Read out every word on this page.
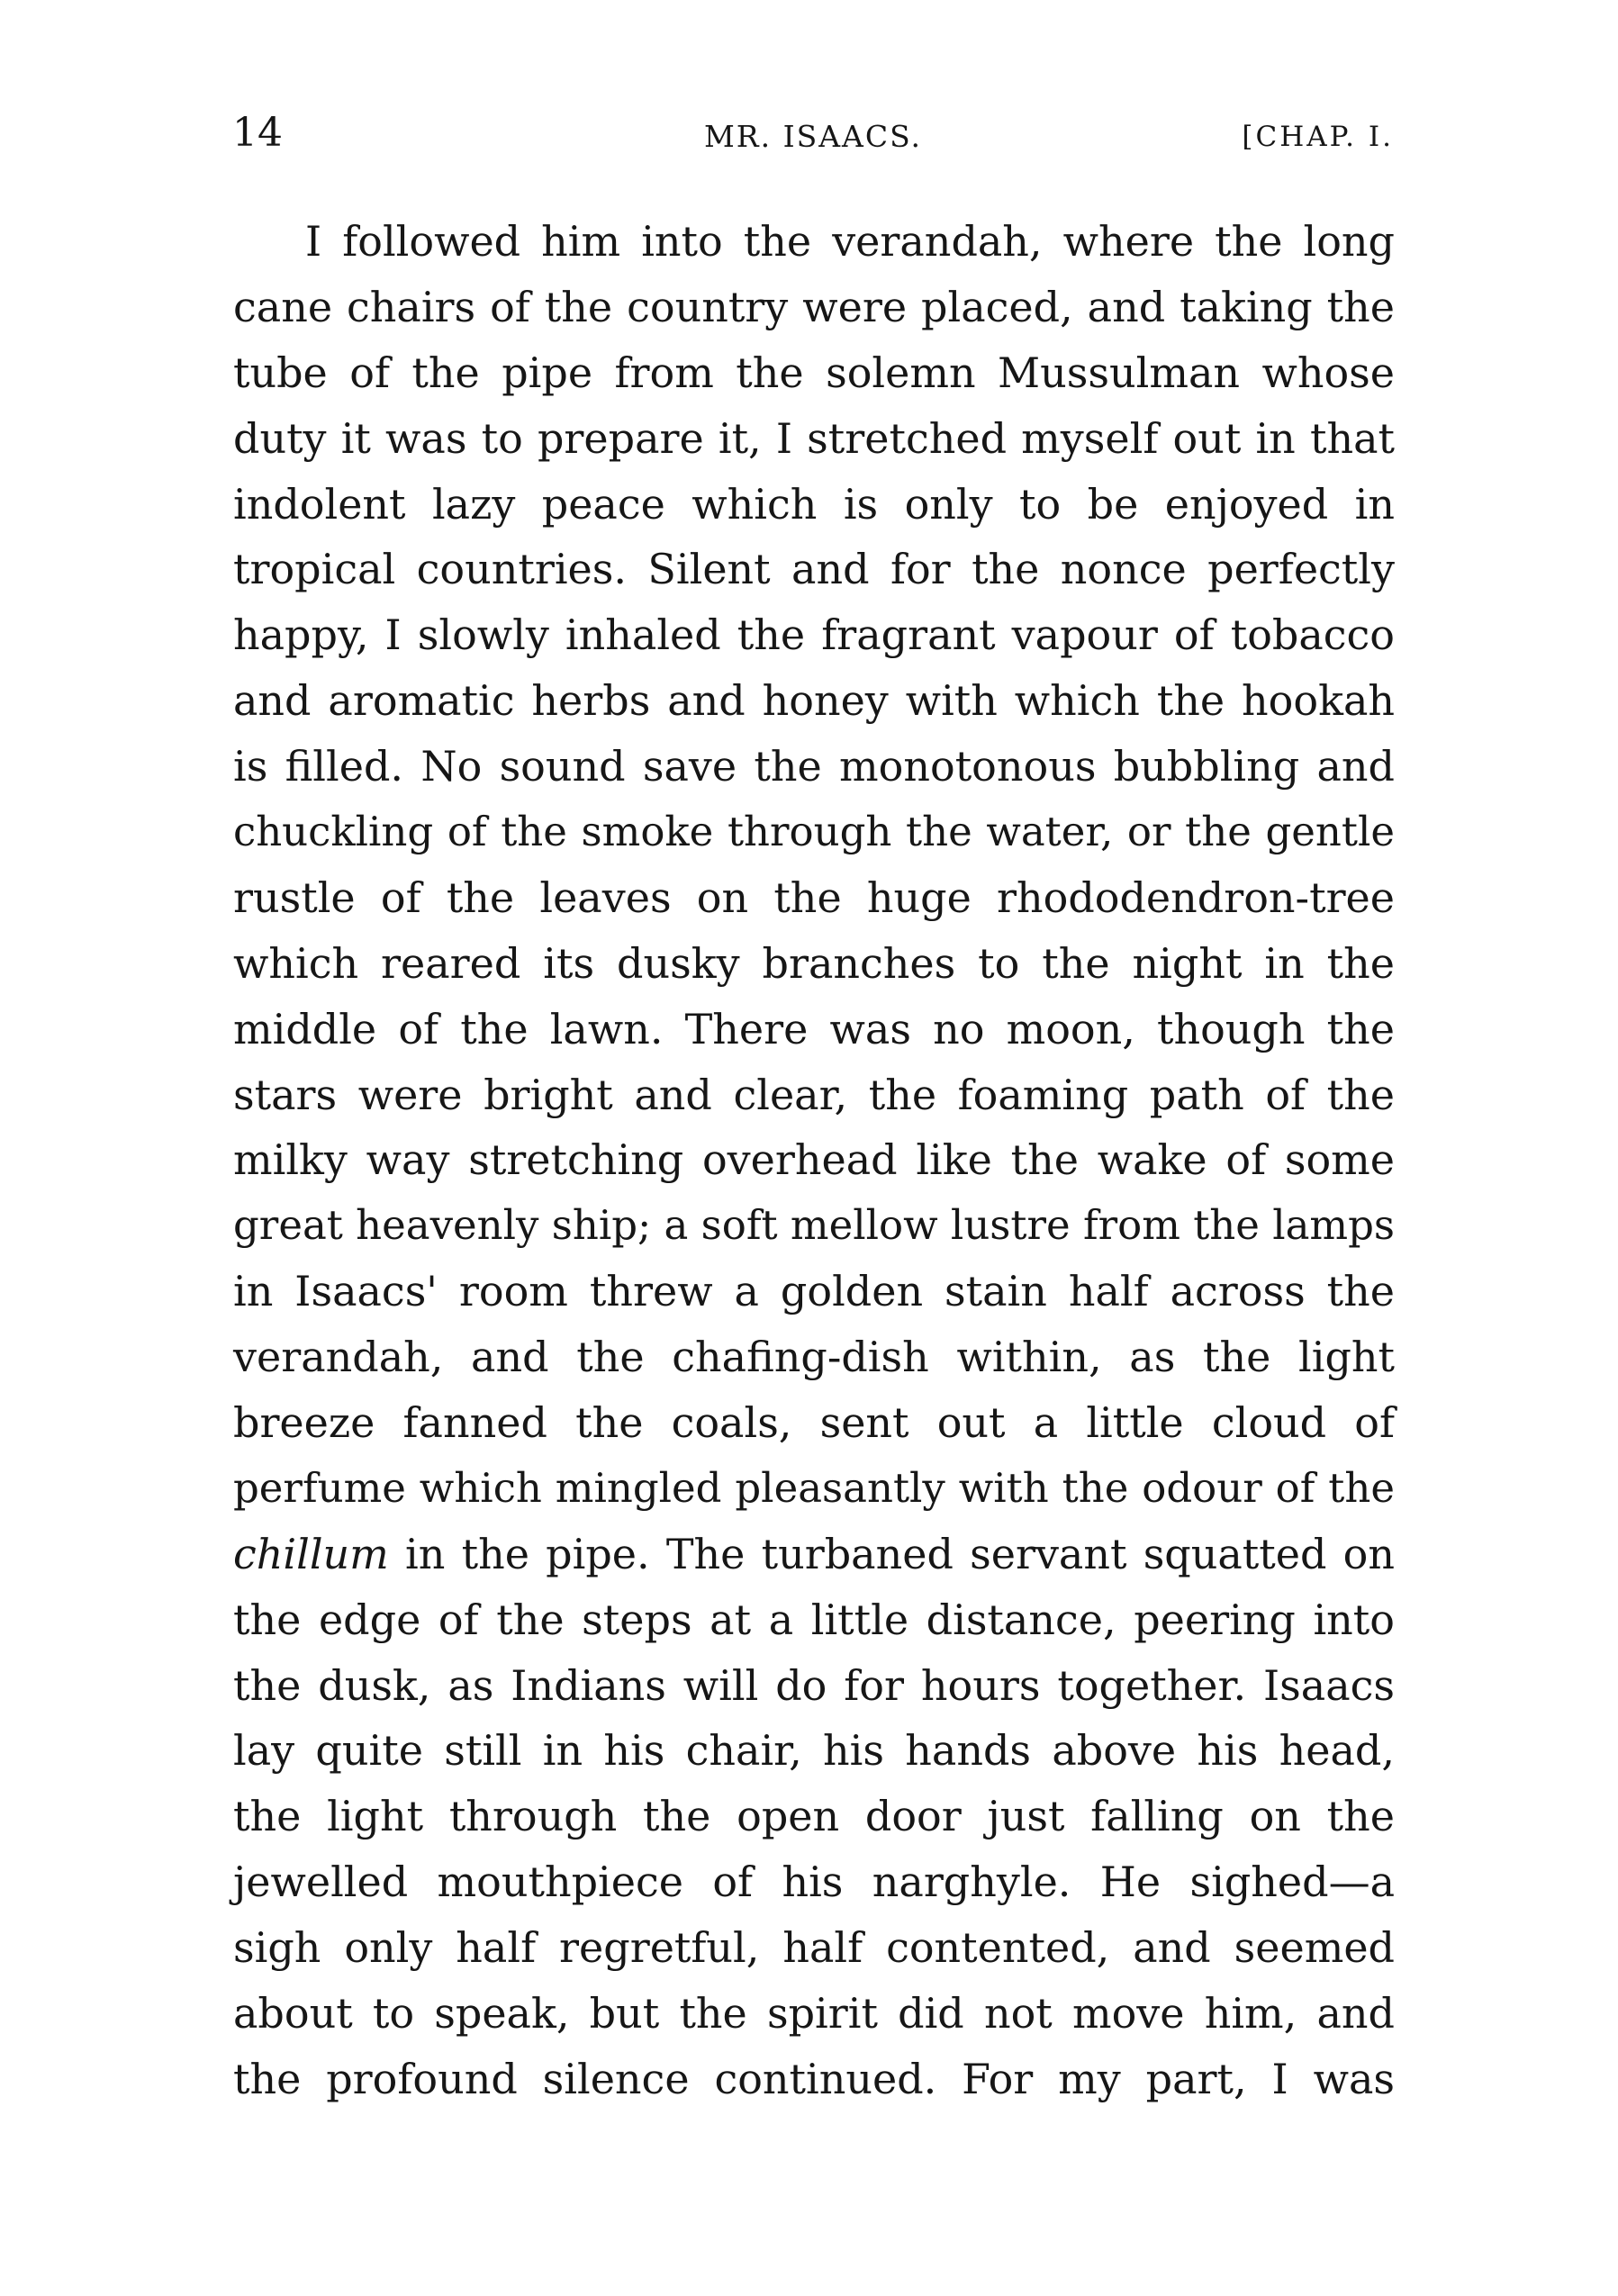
14	MR. ISAACS.	[CHAP. I.
I followed him into the verandah, where the long
cane chairs of the country were placed, and taking the
tube of the pipe from the solemn Mussulman whose
duty it was to prepare it, I stretched myself out in that
indolent lazy peace which is only to be enjoyed in
tropical countries. Silent and for the nonce perfectly
happy, I slowly inhaled the fragrant vapour of tobacco
and aromatic herbs and honey with which the hookah
is filled. No sound save the monotonous bubbling and
chuckling of the smoke through the water, or the gentle
rustle of the leaves on the huge rhododendron-tree
which reared its dusky branches to the night in the
middle of the lawn. There was no moon, though the
stars were bright and clear, the foaming path of the
milky way stretching overhead like the wake of some
great heavenly ship; a soft mellow lustre from the lamps
in Isaacs' room threw a golden stain half across the
verandah, and the chafing-dish within, as the light
breeze fanned the coals, sent out a little cloud of
perfume which mingled pleasantly with the odour of the
chillum in the pipe. The turbaned servant squatted on
the edge of the steps at a little distance, peering into
the dusk, as Indians will do for hours together. Isaacs
lay quite still in his chair, his hands above his head,
the light through the open door just falling on the
jewelled mouthpiece of his narghyle. He sighed—a
sigh only half regretful, half contented, and seemed
about to speak, but the spirit did not move him, and
the profound silence continued. For my part, I was
